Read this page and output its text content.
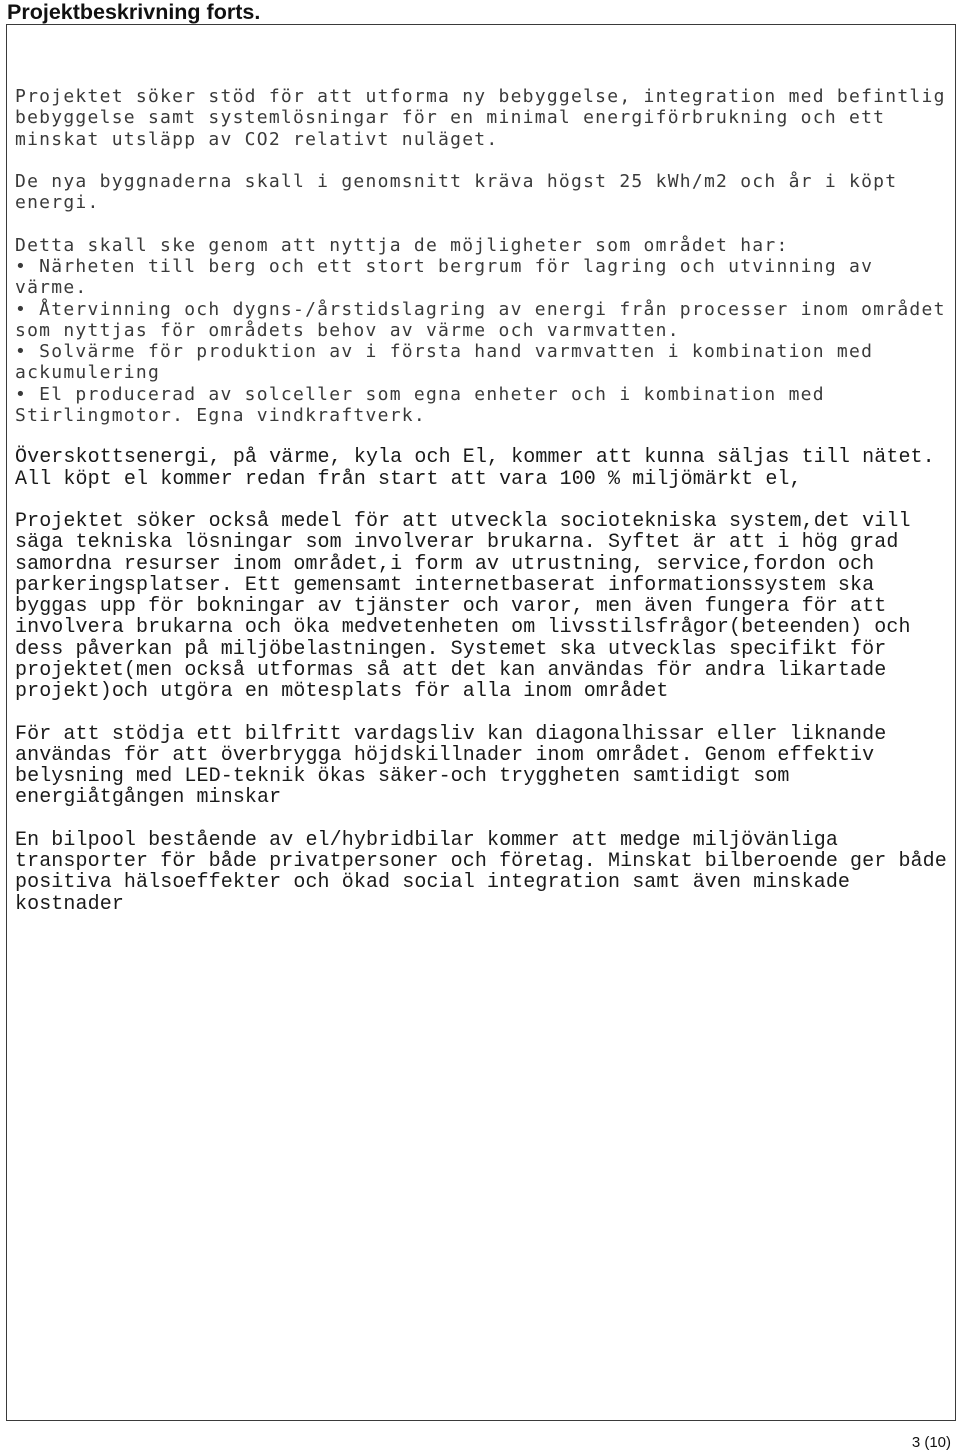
Projektbeskrivning forts.
Projektet söker stöd för att utforma ny bebyggelse, integration med befintlig
bebyggelse samt systemlösningar för en minimal energiförbrukning och ett
minskat utsläpp av CO2 relativt nuläget.
De nya byggnaderna skall i genomsnitt kräva högst 25 kWh/m2 och år i köpt
energi.
Detta skall ske genom att nyttja de möjligheter som området har:
• Närheten till berg och ett stort bergrum för lagring och utvinning av
värme.
• Återvinning och dygns-/årstidslagring av energi från processer inom området
som nyttjas för områdets behov av värme och varmvatten.
• Solvärme för produktion av i första hand varmvatten i kombination med
ackumulering
• El producerad av solceller som egna enheter och i kombination med
Stirlingmotor. Egna vindkraftverk.
Överskottsenergi, på värme, kyla och El, kommer att kunna säljas till nätet.
All köpt el kommer redan från start att vara 100 % miljömärkt el,
Projektet söker också medel för att utveckla sociotekniska system,det vill
säga tekniska lösningar som involverar brukarna. Syftet är att i hög grad
samordna resurser inom området,i form av utrustning, service,fordon och
parkeringsplatser. Ett gemensamt internetbaserat informationssystem ska
byggas upp för bokningar av tjänster och varor, men även fungera för att
involvera brukarna och öka medvetenheten om livsstilsfrågor(beteenden) och
dess påverkan på miljöbelastningen. Systemet ska utvecklas specifikt för
projektet(men också utformas så att det kan användas för andra likartade
projekt)och utgöra en mötesplats för alla inom området
För att stödja ett bilfritt vardagsliv kan diagonalhissar eller liknande
användas för att överbrygga höjdskillnader inom området. Genom effektiv
belysning med LED-teknik ökas säker-och tryggheten samtidigt som
energiåtgången minskar
En bilpool bestående av el/hybridbilar kommer att medge miljövänliga
transporter för både privatpersoner och företag. Minskat bilberoende ger både
positiva hälsoeffekter och ökad social integration samt även minskade
kostnader
3 (10)
